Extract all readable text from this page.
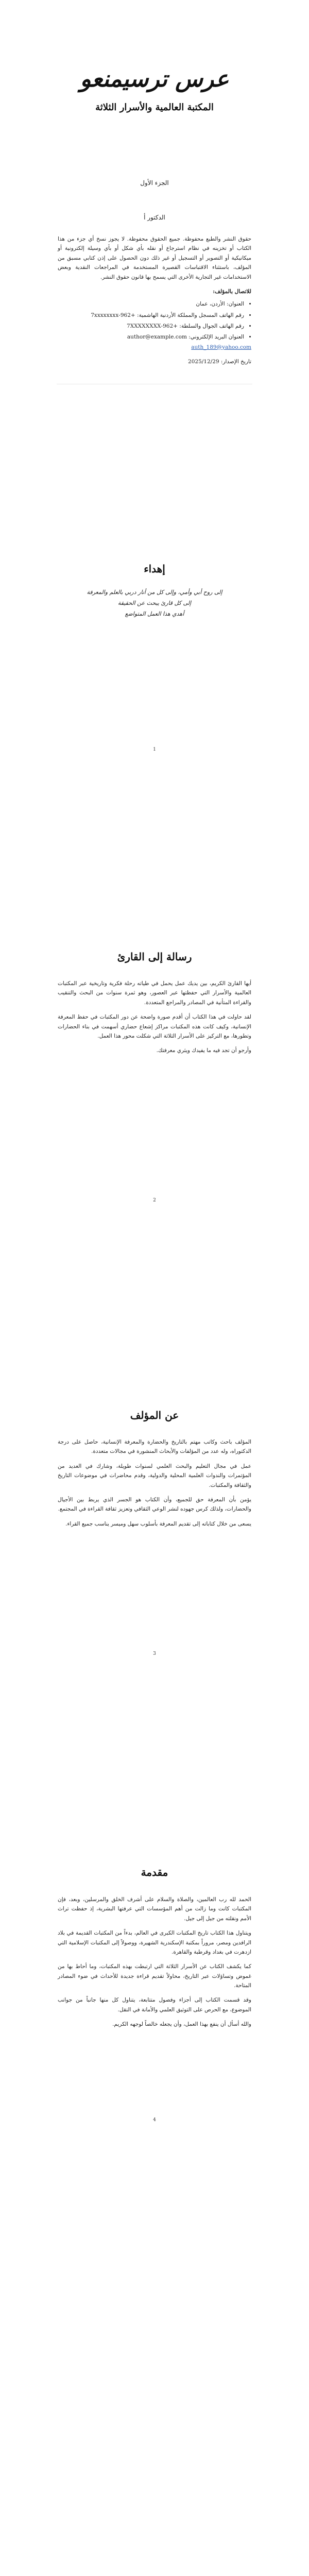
عرس ترسيمنعو
المكتبة العالمية والأسرار الثلاثة
الجزء الأول
الدكتور أ

حقوق النشر والطبع محفوظة. جميع الحقوق محفوظة. لا يجوز نسخ أي جزء من هذا الكتاب أو تخزينه في نظام استرجاع أو نقله بأي شكل أو بأي وسيلة إلكترونية أو ميكانيكية أو التصوير أو التسجيل أو غير ذلك دون الحصول على إذن كتابي مسبق من المؤلف، باستثناء الاقتباسات القصيرة المستخدمة في المراجعات النقدية وبعض الاستخدامات غير التجارية الأخرى التي يسمح بها قانون حقوق النشر.

للاتصال بالمؤلف:

• العنوان: الأردن، عمان
• رقم الهاتف المسجل والمملكة الأردنية الهاشمية: +962-7xxxxxxxx
• رقم الهاتف الجوال والسلطة: +962-7XXXXXXXX
• العنوان البريد الإلكتروني: author@example.com

auth_189@yahoo.com

تاريخ الإصدار: 2025/12/29

إهداء
إلى روح أبي وأمي، وإلى كل من أنار دربي بالعلم والمعرفة
إلى كل قارئ يبحث عن الحقيقة
أهدي هذا العمل المتواضع
1
رسالة إلى القارئ

أيها القارئ الكريم، بين يديك عمل يحمل في طياته رحلة فكرية وتاريخية عبر المكتبات العالمية والأسرار التي حفظتها عبر العصور، وهو ثمرة سنوات من البحث والتنقيب والقراءة المتأنية في المصادر والمراجع المتعددة.

لقد حاولت في هذا الكتاب أن أقدم صورة واضحة عن دور المكتبات في حفظ المعرفة الإنسانية، وكيف كانت هذه المكتبات مراكز إشعاع حضاري أسهمت في بناء الحضارات وتطورها، مع التركيز على الأسرار الثلاثة التي شكلت محور هذا العمل.

وأرجو أن تجد فيه ما يفيدك ويثري معرفتك.

2
عن المؤلف

المؤلف باحث وكاتب مهتم بالتاريخ والحضارة والمعرفة الإنسانية، حاصل على درجة الدكتوراه، وله عدد من المؤلفات والأبحاث المنشورة في مجالات متعددة.

عمل في مجال التعليم والبحث العلمي لسنوات طويلة، وشارك في العديد من المؤتمرات والندوات العلمية المحلية والدولية، وقدم محاضرات في موضوعات التاريخ والثقافة والمكتبات.

يؤمن بأن المعرفة حق للجميع، وأن الكتاب هو الجسر الذي يربط بين الأجيال والحضارات، ولذلك كرس جهوده لنشر الوعي الثقافي وتعزيز ثقافة القراءة في المجتمع.

يسعى من خلال كتاباته إلى تقديم المعرفة بأسلوب سهل وميسر يناسب جميع القراء.

3
مقدمة

الحمد لله رب العالمين، والصلاة والسلام على أشرف الخلق والمرسلين، وبعد، فإن المكتبات كانت وما زالت من أهم المؤسسات التي عرفتها البشرية، إذ حفظت تراث الأمم ونقلته من جيل إلى جيل.

ويتناول هذا الكتاب تاريخ المكتبات الكبرى في العالم، بدءاً من المكتبات القديمة في بلاد الرافدين ومصر، مروراً بمكتبة الإسكندرية الشهيرة، ووصولاً إلى المكتبات الإسلامية التي ازدهرت في بغداد وقرطبة والقاهرة.

كما يكشف الكتاب عن الأسرار الثلاثة التي ارتبطت بهذه المكتبات، وما أحاط بها من غموض وتساؤلات عبر التاريخ، محاولاً تقديم قراءة جديدة للأحداث في ضوء المصادر المتاحة.

وقد قسمت الكتاب إلى أجزاء وفصول متتابعة، يتناول كل منها جانباً من جوانب الموضوع، مع الحرص على التوثيق العلمي والأمانة في النقل.

والله أسأل أن ينفع بهذا العمل، وأن يجعله خالصاً لوجهه الكريم.

4
